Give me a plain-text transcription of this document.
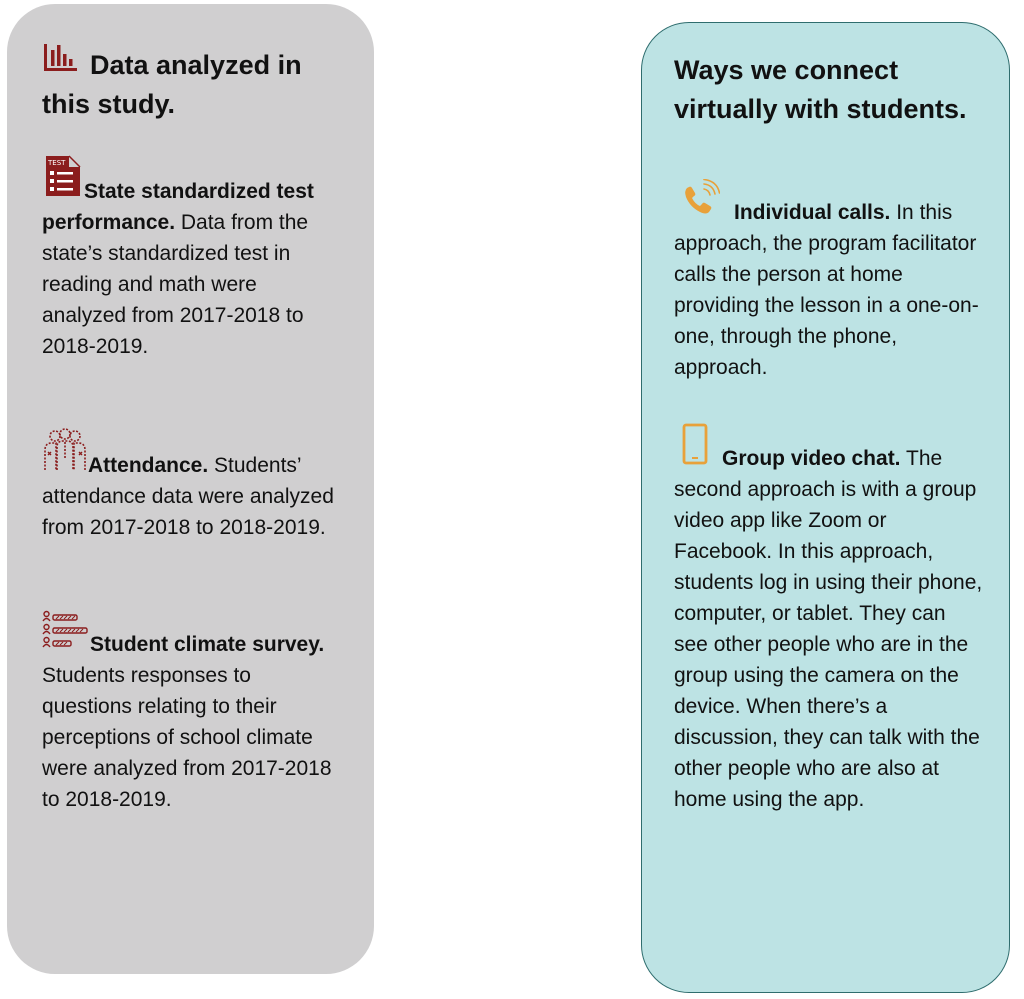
Data analyzed in this study.

TEST
State standardized test performance. Data from the state’s standardized test in reading and math were analyzed from 2017-2018 to 2018-2019.

Attendance. Students’ attendance data were analyzed from 2017-2018 to 2018-2019.

Student climate survey. Students responses to questions relating to their perceptions of school climate were analyzed from 2017-2018 to 2018-2019.

Ways we connect virtually with students.

Individual calls. In this approach, the program facilitator calls the person at home providing the lesson in a one-on-one, through the phone, approach.

Group video chat. The second approach is with a group video app like Zoom or Facebook. In this approach, students log in using their phone, computer, or tablet. They can see other people who are in the group using the camera on the device. When there’s a discussion, they can talk with the other people who are also at home using the app.
